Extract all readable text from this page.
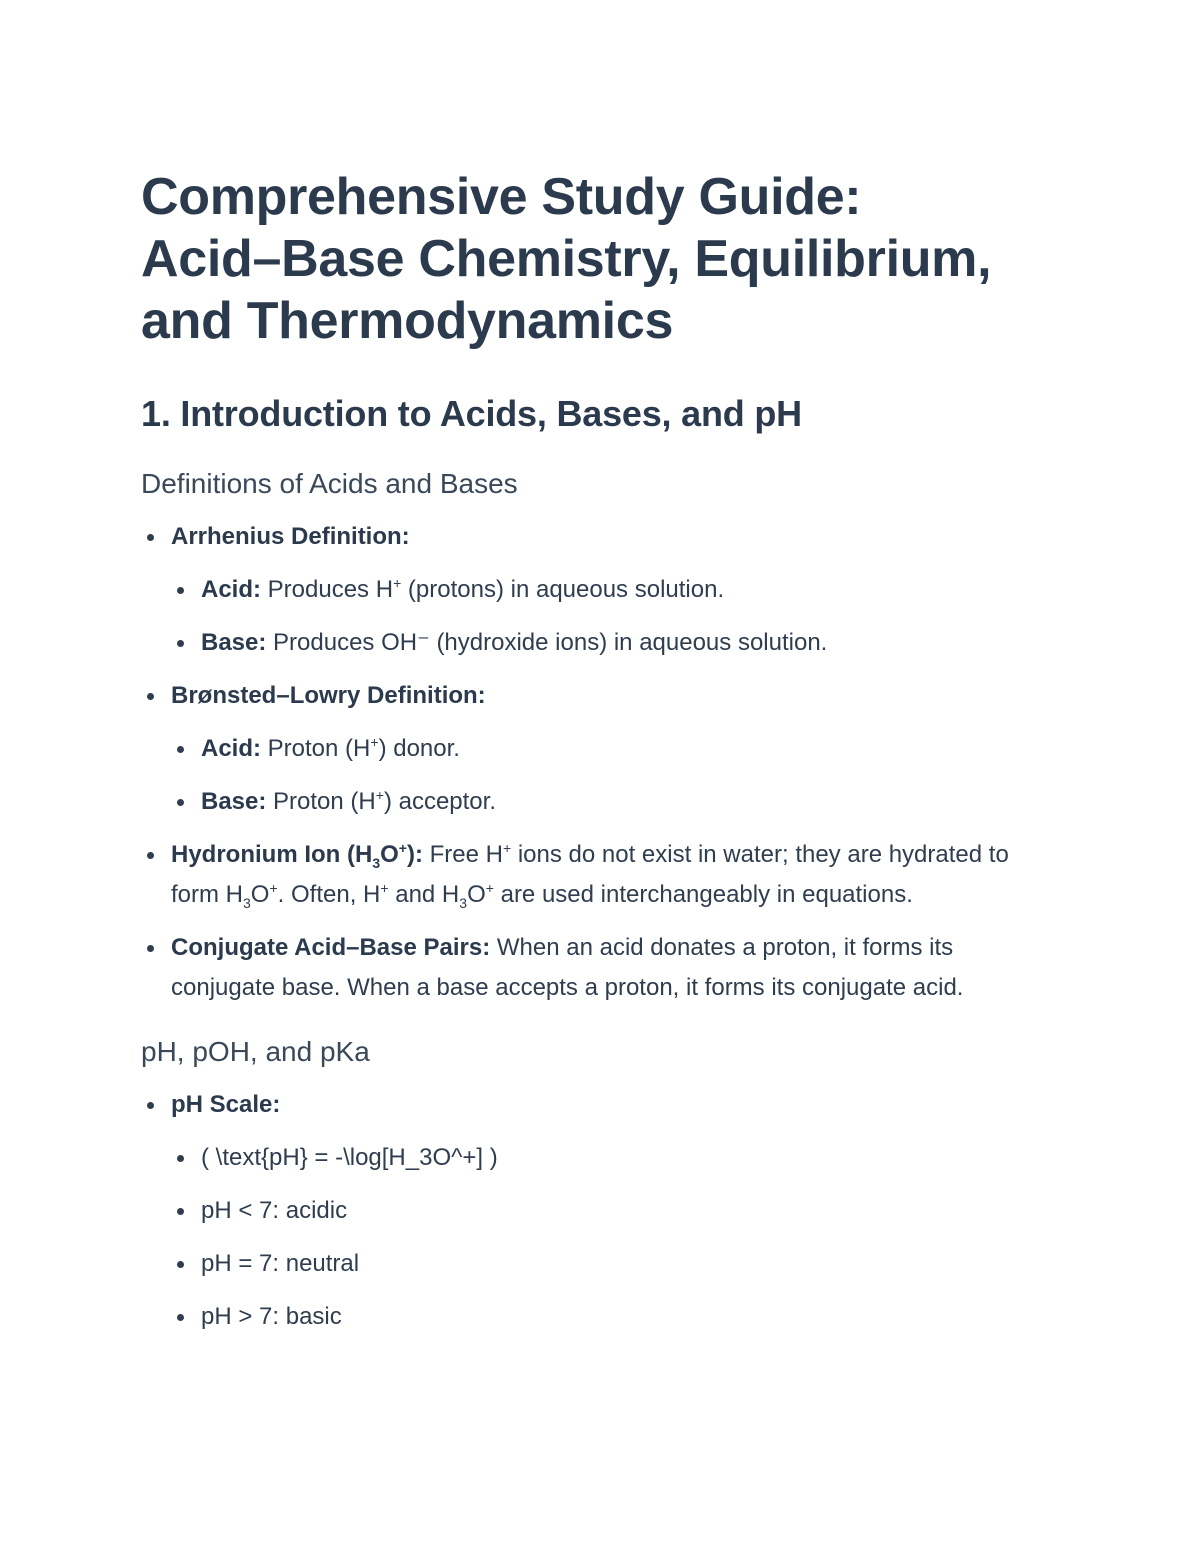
Comprehensive Study Guide: Acid–Base Chemistry, Equilibrium, and Thermodynamics
1. Introduction to Acids, Bases, and pH
Definitions of Acids and Bases
Arrhenius Definition:
Acid: Produces H+ (protons) in aqueous solution.
Base: Produces OH⁻ (hydroxide ions) in aqueous solution.
Brønsted–Lowry Definition:
Acid: Proton (H+) donor.
Base: Proton (H+) acceptor.
Hydronium Ion $(H_3O^+)$: Free H+ ions do not exist in water; they are hydrated to form $H_3O^+$. Often, H+ and $H_3O^+$ are used interchangeably in equations.
Conjugate Acid–Base Pairs: When an acid donates a proton, it forms its conjugate base. When a base accepts a proton, it forms its conjugate acid.
pH, pOH, and pKa
pH Scale:
( \text{pH} = -\log[H_3O^+] )
pH < 7: acidic
pH = 7: neutral
pH > 7: basic
